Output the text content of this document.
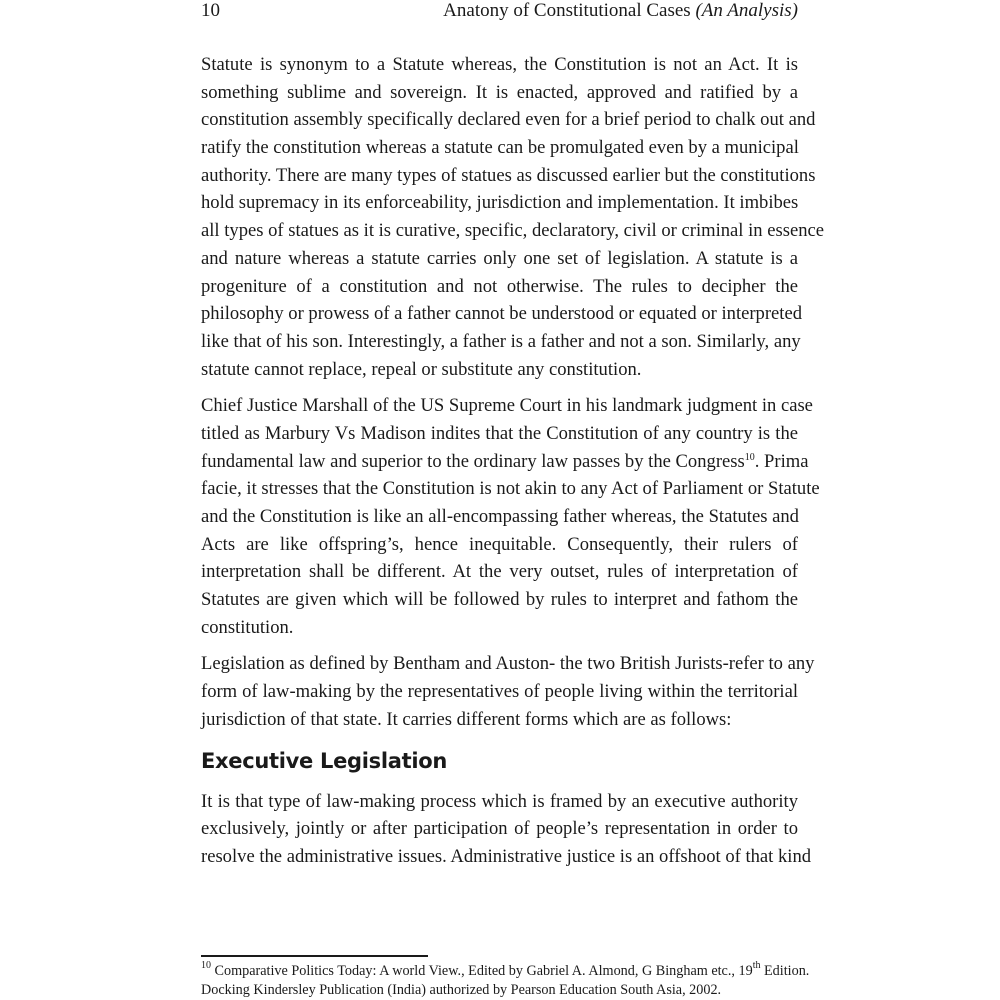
10	Anatony of Constitutional Cases (An Analysis)

Statute is synonym to a Statute whereas, the Constitution is not an Act. It is
something sublime and sovereign. It is enacted, approved and ratified by a
constitution assembly specifically declared even for a brief period to chalk out and
ratify the constitution whereas a statute can be promulgated even by a municipal
authority. There are many types of statues as discussed earlier but the constitutions
hold supremacy in its enforceability, jurisdiction and implementation. It imbibes
all types of statues as it is curative, specific, declaratory, civil or criminal in essence
and nature whereas a statute carries only one set of legislation. A statute is a
progeniture of a constitution and not otherwise. The rules to decipher the
philosophy or prowess of a father cannot be understood or equated or interpreted
like that of his son. Interestingly, a father is a father and not a son. Similarly, any
statute cannot replace, repeal or substitute any constitution.

Chief Justice Marshall of the US Supreme Court in his landmark judgment in case
titled as Marbury Vs Madison indites that the Constitution of any country is the
fundamental law and superior to the ordinary law passes by the Congress$^{10}$. Prima
facie, it stresses that the Constitution is not akin to any Act of Parliament or Statute
and the Constitution is like an all-encompassing father whereas, the Statutes and
Acts are like offspring’s, hence inequitable. Consequently, their rulers of
interpretation shall be different. At the very outset, rules of interpretation of
Statutes are given which will be followed by rules to interpret and fathom the
constitution.

Legislation as defined by Bentham and Auston- the two British Jurists-refer to any
form of law-making by the representatives of people living within the territorial
jurisdiction of that state. It carries different forms which are as follows:

Executive Legislation

It is that type of law-making process which is framed by an executive authority
exclusively, jointly or after participation of people’s representation in order to
resolve the administrative issues. Administrative justice is an offshoot of that kind

$^{10}$ Comparative Politics Today: A world View., Edited by Gabriel A. Almond, G Bingham etc., 19th Edition.
Docking Kindersley Publication (India) authorized by Pearson Education South Asia, 2002.
